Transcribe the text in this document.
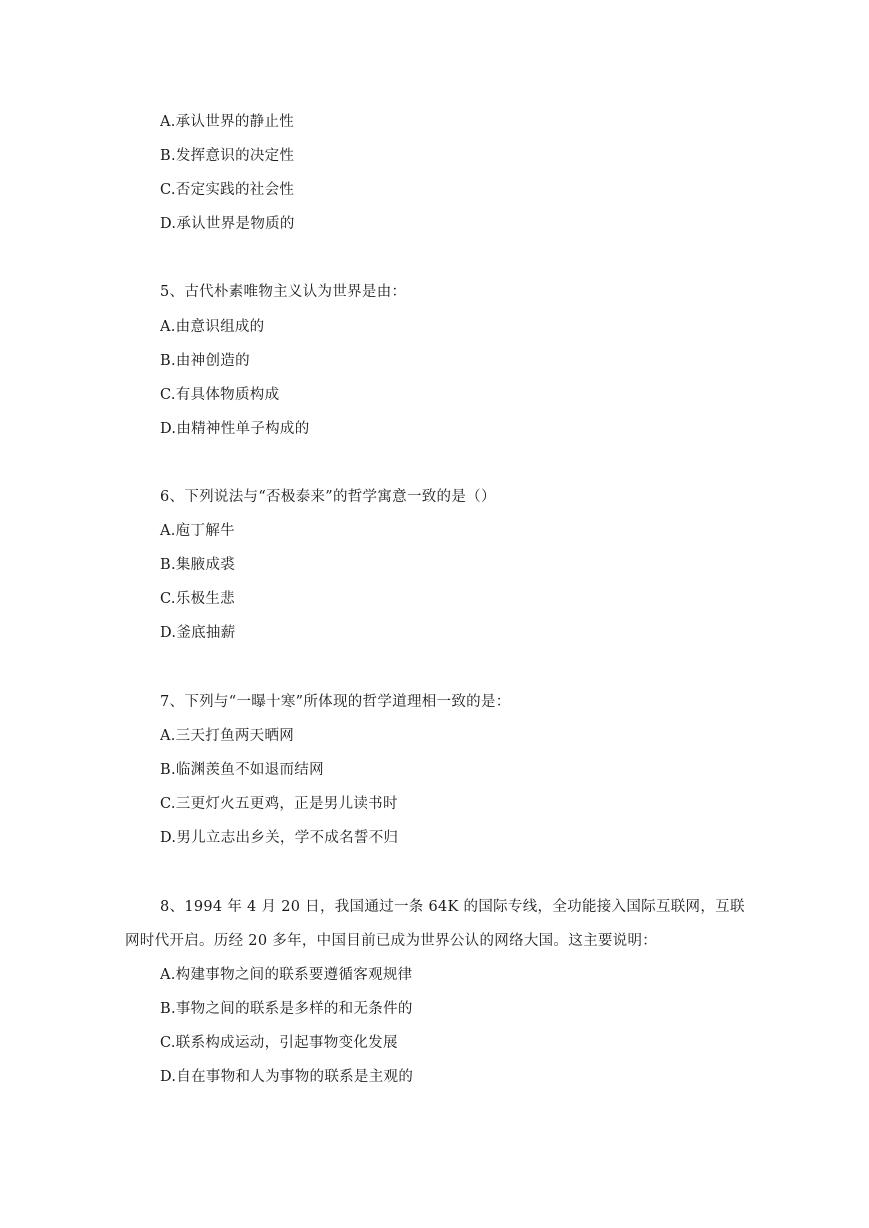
A.承认世界的静止性
B.发挥意识的决定性
C.否定实践的社会性
D.承认世界是物质的
5、古代朴素唯物主义认为世界是由：
A.由意识组成的
B.由神创造的
C.有具体物质构成
D.由精神性单子构成的
6、下列说法与“否极泰来”的哲学寓意一致的是（）
A.庖丁解牛
B.集腋成裘
C.乐极生悲
D.釜底抽薪
7、下列与“一曝十寒”所体现的哲学道理相一致的是：
A.三天打鱼两天晒网
B.临渊羡鱼不如退而结网
C.三更灯火五更鸡，正是男儿读书时
D.男儿立志出乡关，学不成名誓不归
8、1994 年 4 月 20 日，我国通过一条 64K 的国际专线，全功能接入国际互联网，互联
网时代开启。历经 20 多年，中国目前已成为世界公认的网络大国。这主要说明：
A.构建事物之间的联系要遵循客观规律
B.事物之间的联系是多样的和无条件的
C.联系构成运动，引起事物变化发展
D.自在事物和人为事物的联系是主观的
